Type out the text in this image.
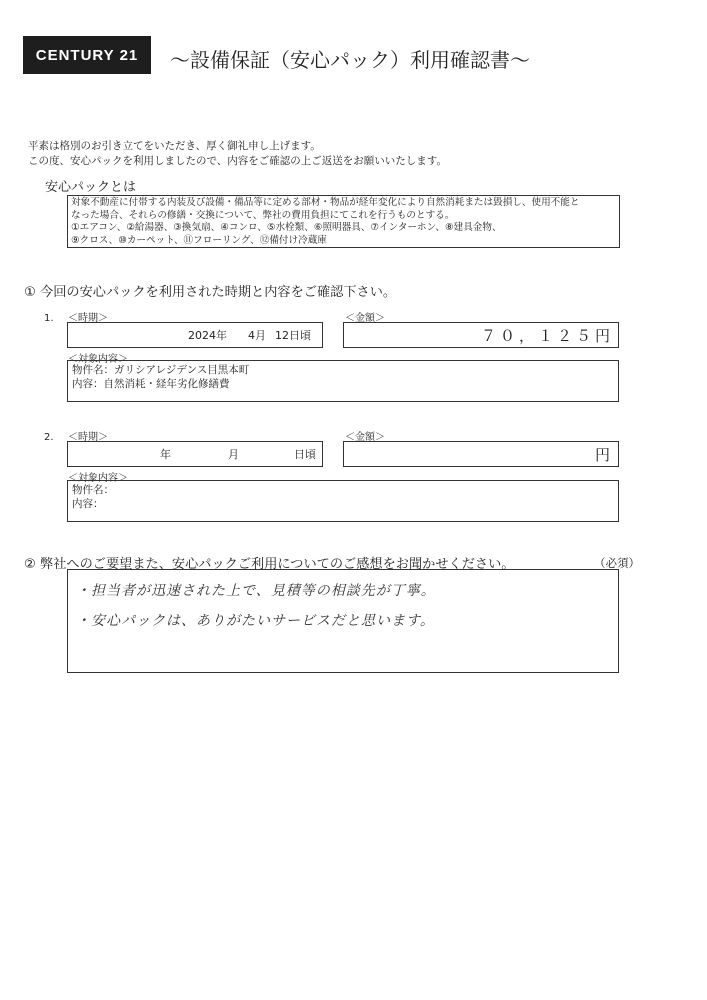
CENTURY 21	～設備保証（安心パック）利用確認書～
平素は格別のお引き立てをいただき、厚く御礼申し上げます。
この度、安心パックを利用しましたので、内容をご確認の上ご返送をお願いいたします。
安心パックとは
対象不動産に付帯する内装及び設備・備品等に定める部材・物品が経年変化により自然消耗または毀損し、使用不能と
なった場合、それらの修繕・交換について、弊社の費用負担にてこれを行うものとする。
①エアコン、②給湯器、③換気扇、④コンロ、⑤水栓類、⑥照明器具、⑦インターホン、⑧建具金物、
⑨クロス、⑩カーペット、⑪フローリング、⑫備付け冷蔵庫
① 今回の安心パックを利用された時期と内容をご確認下さい。
1. ＜時期＞	＜金額＞
2024年 4月 12日頃	７０，１２５円
＜対象内容＞
物件名：ガリシアレジデンス目黒本町
内容：自然消耗・経年劣化修繕費
2. ＜時期＞	＜金額＞
年	月	日頃	円
＜対象内容＞
物件名：
内容：
② 弊社へのご要望また、安心パックご利用についてのご感想をお聞かせください。	（必須）
・担当者が迅速された上で、見積等の相談先が丁寧。
・安心パックは、ありがたいサービスだと思います。
